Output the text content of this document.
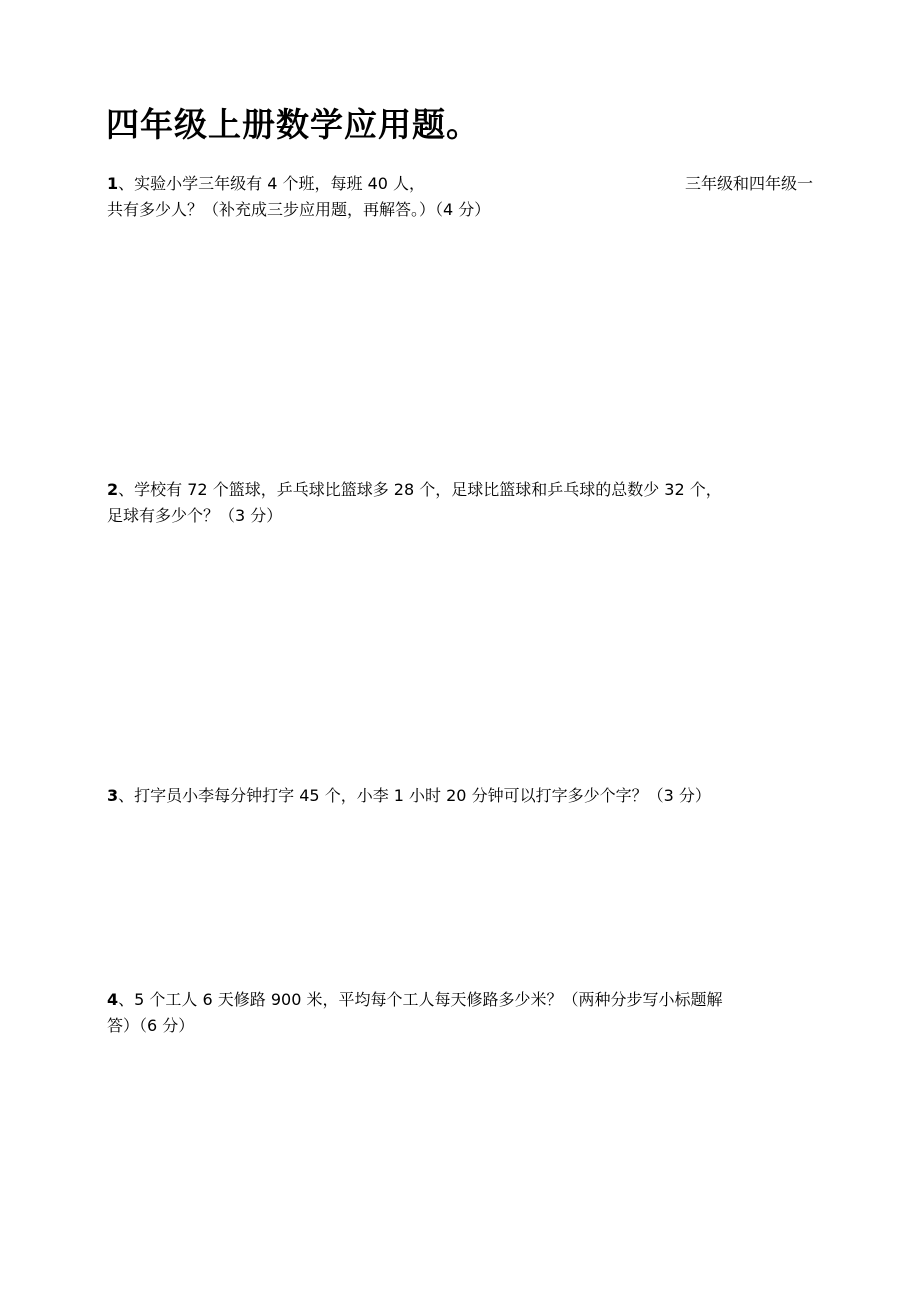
四年级上册数学应用题。
1、实验小学三年级有 4 个班，每班 40 人，	三年级和四年级一
共有多少人？（补充成三步应用题，再解答。）（4 分）
2、学校有 72 个篮球，乒乓球比篮球多 28 个，足球比篮球和乒乓球的总数少 32 个，
足球有多少个？（3 分）
3、打字员小李每分钟打字 45 个，小李 1 小时 20 分钟可以打字多少个字？（3 分）
4、5 个工人 6 天修路 900 米，平均每个工人每天修路多少米？（两种分步写小标题解
答）（6 分）
